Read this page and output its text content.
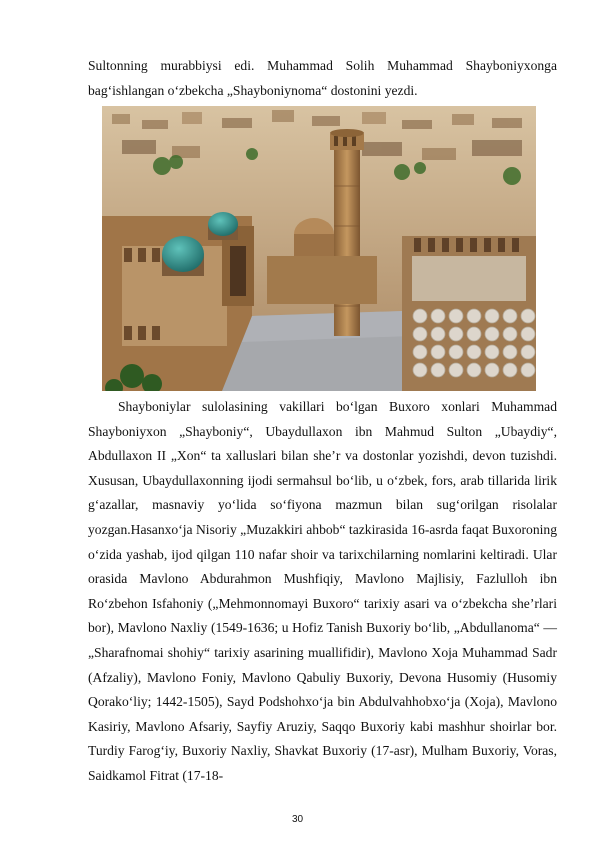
Sultonning murabbiysi edi. Muhammad Solih Muhammad Shayboniyxonga bag‘ishlangan o‘zbekcha „Shayboniynoma“ dostonini yezdi.

Shayboniylar sulolasining vakillari bo‘lgan Buxoro xonlari Muhammad Shayboniyxon „Shayboniy“, Ubaydullaxon ibn Mahmud Sulton „Ubaydiy“, Abdullaxon II „Xon“ ta xalluslari bilan she’r va dostonlar yozishdi, devon tuzishdi. Xususan, Ubaydullaxonning ijodi sermahsul bo‘lib, u o‘zbek, fors, arab tillarida lirik g‘azallar, masnaviy yo‘lida so‘fiyona mazmun bilan sug‘orilgan risolalar yozgan.Hasanxo‘ja Nisoriy „Muzakkiri ahbob“ tazkirasida 16-asrda faqat Buxoroning o‘zida yashab, ijod qilgan 110 nafar shoir va tarixchilarning nomlarini keltiradi. Ular orasida Mavlono Abdurahmon Mushfiqiy, Mavlono Majlisiy, Fazlulloh ibn Ro‘zbehon Isfahoniy („Mehmonnomayi Buxoro“ tarixiy asari va o‘zbekcha she’rlari bor), Mavlono Naxliy (1549-1636; u Hofiz Tanish Buxoriy bo‘lib, „Abdullanoma“ — „Sharafnomai shohiy“ tarixiy asarining muallifidir), Mavlono Xoja Muhammad Sadr (Afzaliy), Mavlono Foniy, Mavlono Qabuliy Buxoriy, Devona Husomiy (Husomiy Qorako‘liy; 1442-1505), Sayd Podshohxo‘ja bin Abdulvahhobxo‘ja (Xoja), Mavlono Kasiriy, Mavlono Afsariy, Sayfiy Aruziy, Saqqo Buxoriy kabi mashhur shoirlar bor. Turdiy Farog‘iy, Buxoriy Naxliy, Shavkat Buxoriy (17-asr), Mulham Buxoriy, Voras, Saidkamol Fitrat (17-18-

30
